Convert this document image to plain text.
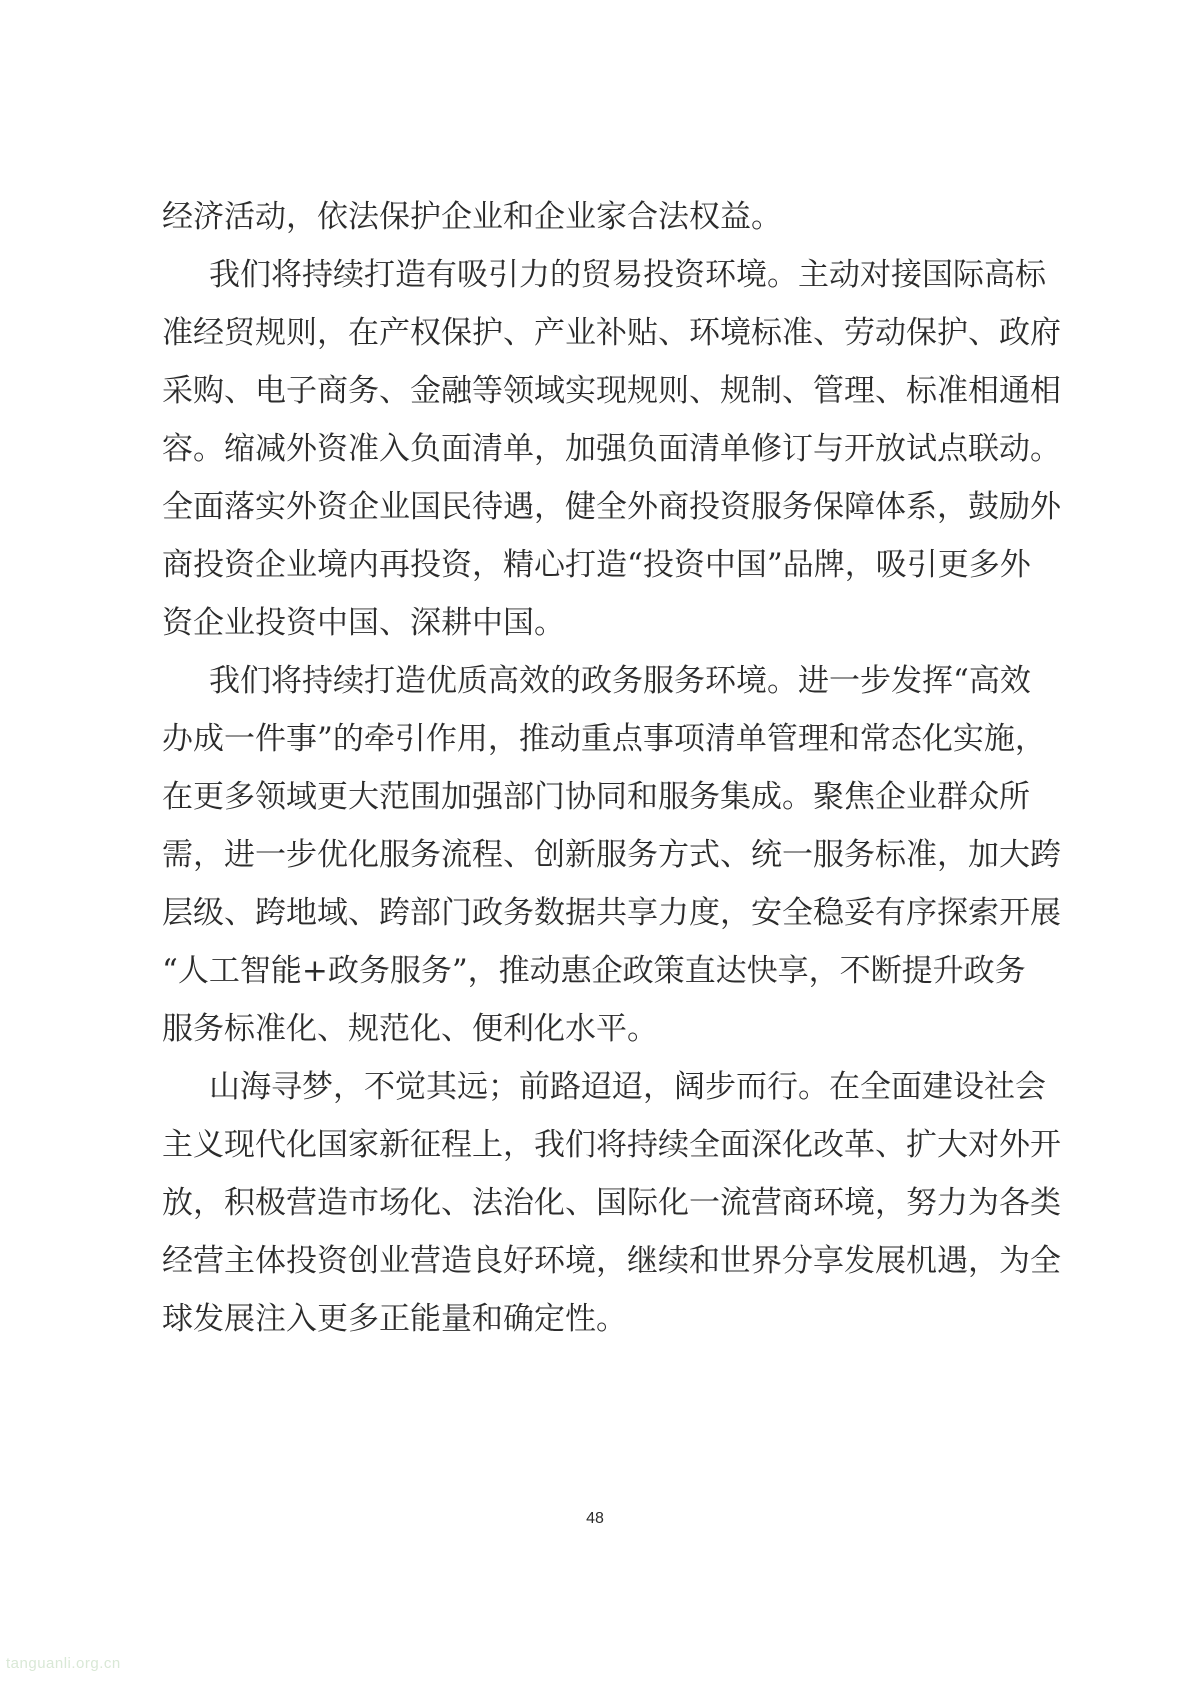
经济活动，依法保护企业和企业家合法权益。
我们将持续打造有吸引力的贸易投资环境。主动对接国际高标
准经贸规则，在产权保护、产业补贴、环境标准、劳动保护、政府
采购、电子商务、金融等领域实现规则、规制、管理、标准相通相
容。缩减外资准入负面清单，加强负面清单修订与开放试点联动。
全面落实外资企业国民待遇，健全外商投资服务保障体系，鼓励外
商投资企业境内再投资，精心打造“投资中国”品牌，吸引更多外
资企业投资中国、深耕中国。
我们将持续打造优质高效的政务服务环境。进一步发挥“高效
办成一件事”的牵引作用，推动重点事项清单管理和常态化实施，
在更多领域更大范围加强部门协同和服务集成。聚焦企业群众所
需，进一步优化服务流程、创新服务方式、统一服务标准，加大跨
层级、跨地域、跨部门政务数据共享力度，安全稳妥有序探索开展
“人工智能+政务服务”，推动惠企政策直达快享，不断提升政务
服务标准化、规范化、便利化水平。
山海寻梦，不觉其远；前路迢迢，阔步而行。在全面建设社会
主义现代化国家新征程上，我们将持续全面深化改革、扩大对外开
放，积极营造市场化、法治化、国际化一流营商环境，努力为各类
经营主体投资创业营造良好环境，继续和世界分享发展机遇，为全
球发展注入更多正能量和确定性。
48
tanguanli.org.cn
